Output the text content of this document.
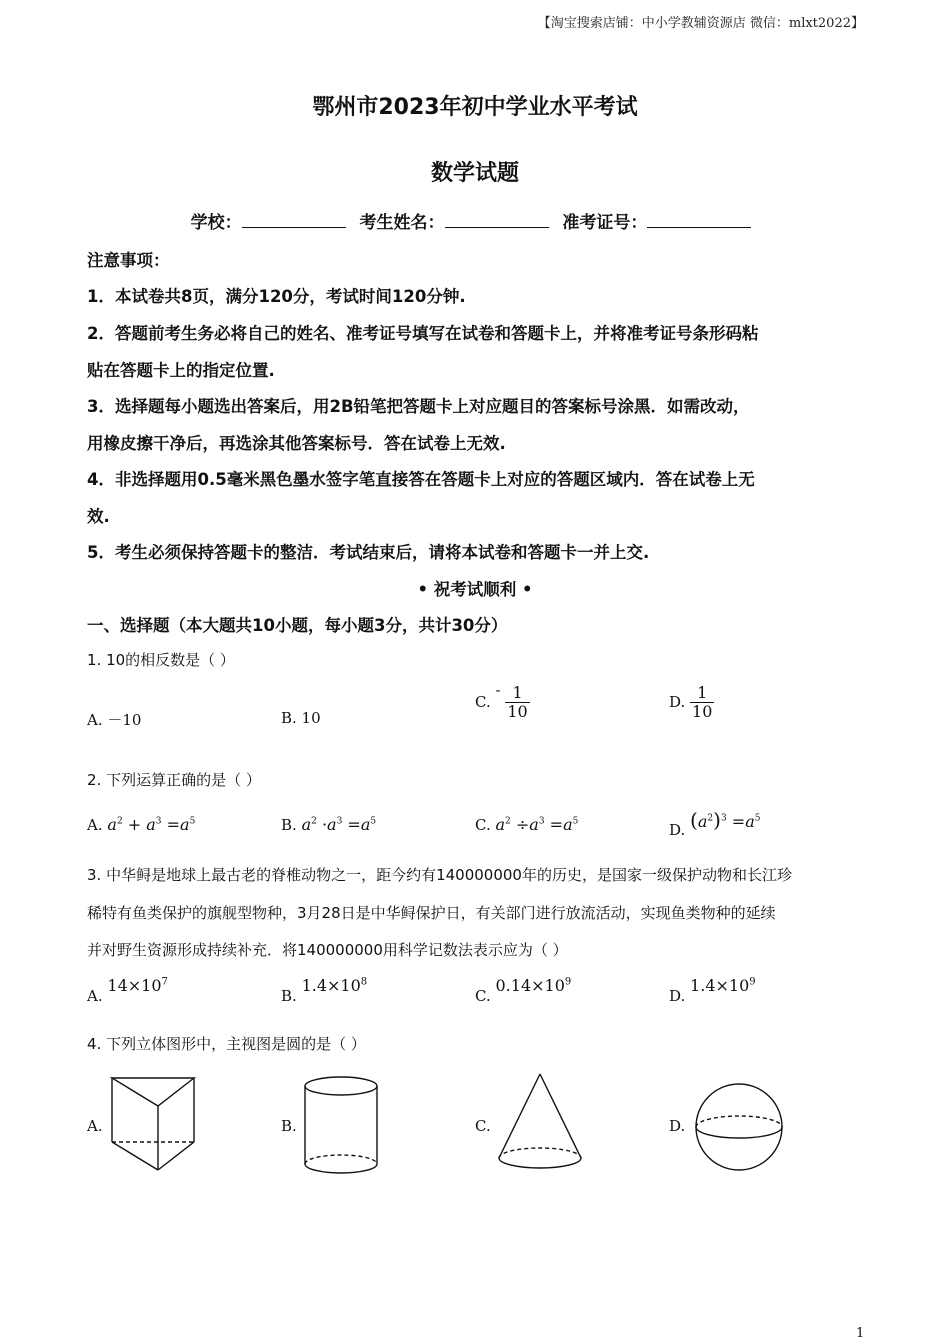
【淘宝搜索店铺：中小学教辅资源店 微信：mlxt2022】
鄂州市2023年初中学业水平考试
数学试题
学校：	考生姓名：	准考证号：
注意事项：
1．本试卷共8页，满分120分，考试时间120分钟.
2．答题前考生务必将自己的姓名、准考证号填写在试卷和答题卡上，并将准考证号条形码粘
贴在答题卡上的指定位置.
3．选择题每小题选出答案后，用2B铅笔把答题卡上对应题目的答案标号涂黑．如需改动，
用橡皮擦干净后，再选涂其他答案标号．答在试卷上无效.
4．非选择题用0.5毫米黑色墨水签字笔直接答在答题卡上对应的答题区域内．答在试卷上无
效.
5．考生必须保持答题卡的整洁．考试结束后，请将本试卷和答题卡一并上交.
• 祝考试顺利 •
一、选择题（本大题共10小题，每小题3分，共计30分）
1. 10的相反数是（ ）
A. －10	B. 10
C. - $\frac{1}{10}$	D. $\frac{1}{10}$
2. 下列运算正确的是（ ）
A. $a^2 + a^3 =a^5$	B. $a^2 \cdot a^3 =a^5$	C. $a^2 \div a^3 =a^5$	D. $(a^2)^3 =a^5$
3. 中华鲟是地球上最古老的脊椎动物之一，距今约有140000000年的历史，是国家一级保护动物和长江珍
稀特有鱼类保护的旗舰型物种，3月28日是中华鲟保护日，有关部门进行放流活动，实现鱼类物种的延续
并对野生资源形成持续补充．将140000000用科学记数法表示应为（ ）
A. $14\times 10^7$
B. $1.4\times 10^8$
C. $0.14\times 10^9$
D. $1.4\times 10^9$
4. 下列立体图形中，主视图是圆的是（ ）
A.	B.	C.	D.
1
